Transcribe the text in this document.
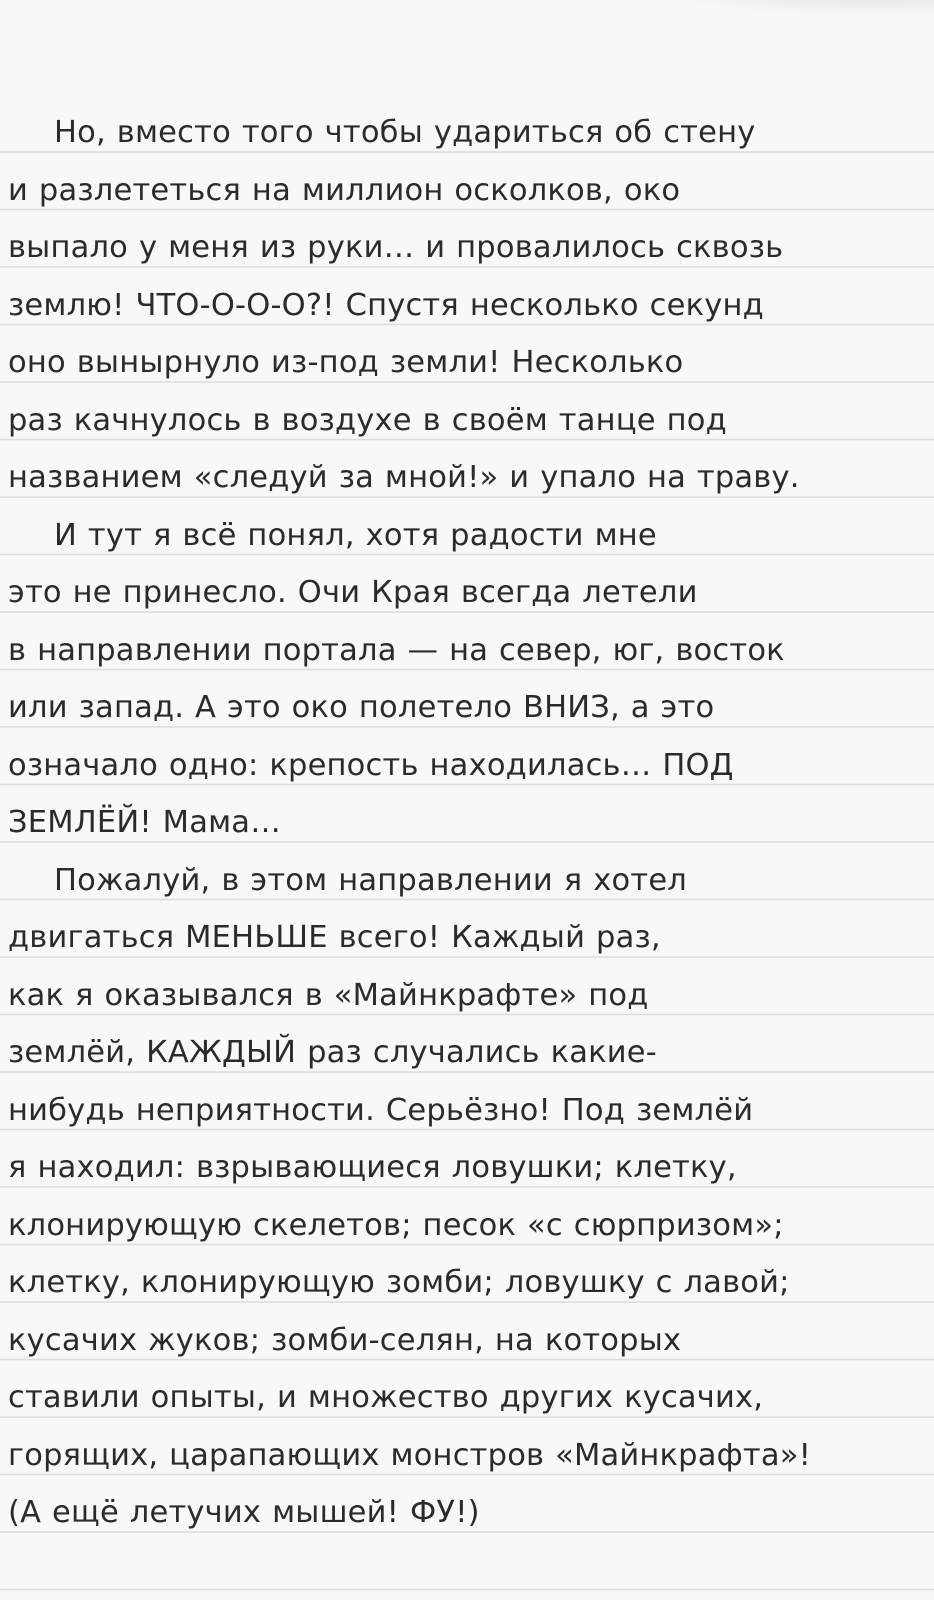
Но, вместо того чтобы удариться об стену
и разлететься на миллион осколков, око
выпало у меня из руки… и провалилось сквозь
землю! ЧТО-О-О-О?! Спустя несколько секунд
оно вынырнуло из-под земли! Несколько
раз качнулось в воздухе в своём танце под
названием «следуй за мной!» и упало на траву.
И тут я всё понял, хотя радости мне
это не принесло. Очи Края всегда летели
в направлении портала — на север, юг, восток
или запад. А это око полетело ВНИЗ, а это
означало одно: крепость находилась… ПОД
ЗЕМЛЁЙ! Мама…
Пожалуй, в этом направлении я хотел
двигаться МЕНЬШЕ всего! Каждый раз,
как я оказывался в «Майнкрафте» под
землёй, КАЖДЫЙ раз случались какие-
нибудь неприятности. Серьёзно! Под землёй
я находил: взрывающиеся ловушки; клетку,
клонирующую скелетов; песок «с сюрпризом»;
клетку, клонирующую зомби; ловушку с лавой;
кусачих жуков; зомби-селян, на которых
ставили опыты, и множество других кусачих,
горящих, царапающих монстров «Майнкрафта»!
(А ещё летучих мышей! ФУ!)
